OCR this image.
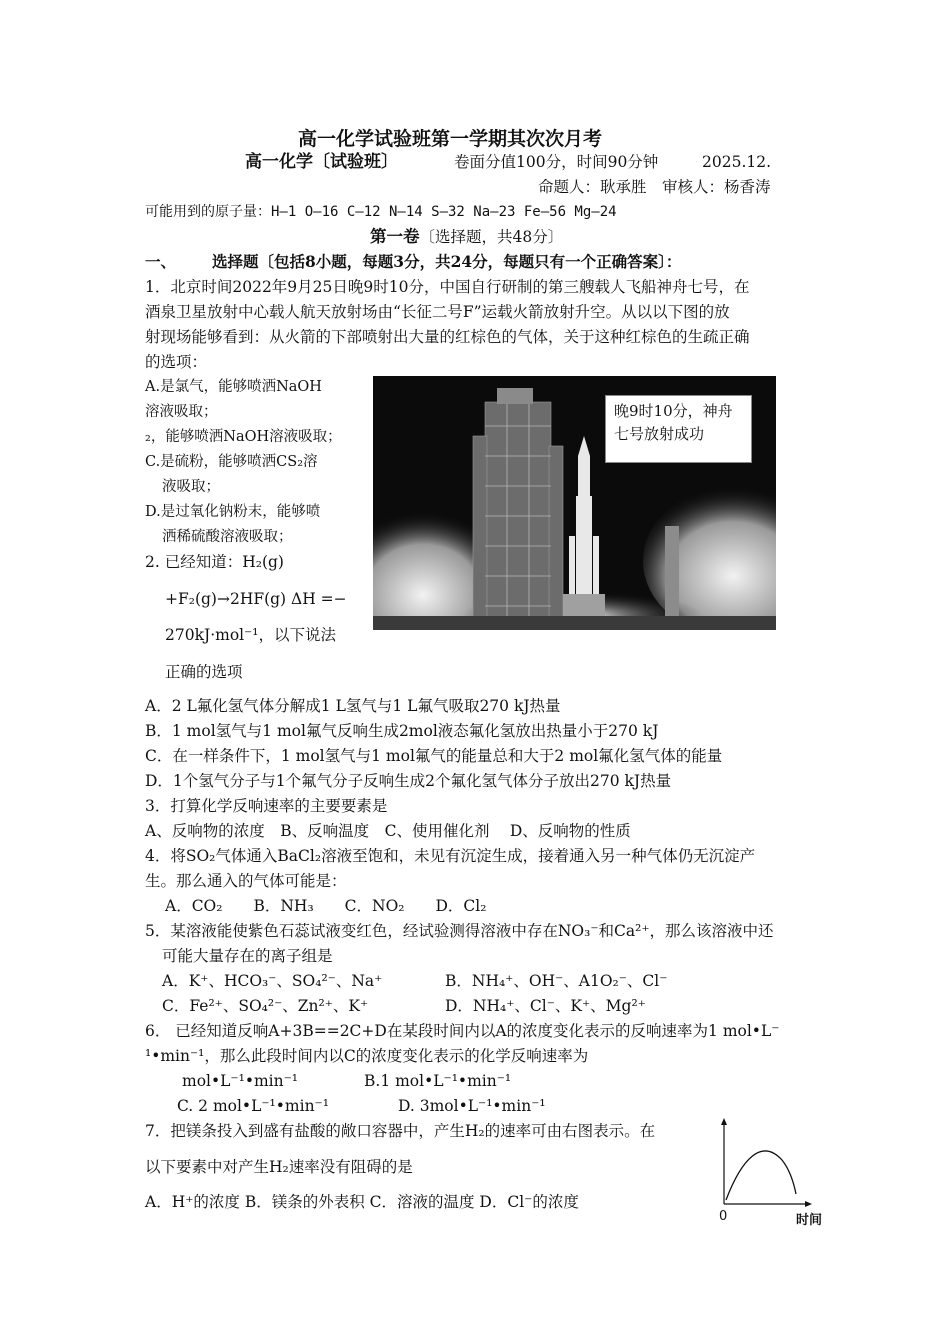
高一化学试验班第一学期其次次月考
高一化学〔试验班〕	卷面分值100分，时间90分钟	2025.12.
命题人：耿承胜　审核人：杨香涛
可能用到的原子量：H—1 O—16 C—12 N—14 S—32 Na—23 Fe—56 Mg—24
第一卷〔选择题，共48分〕
一、 选择题〔包括8小题，每题3分，共24分，每题只有一个正确答案〕：
1．北京时间2022年9月25日晚9时10分，中国自行研制的第三艘载人飞船神舟七号，在
酒泉卫星放射中心载人航天放射场由“长征二号F”运载火箭放射升空。从以以下图的放
射现场能够看到：从火箭的下部喷射出大量的红棕色的气体，关于这种红棕色的生疏正确
的选项：
A.是氯气，能够喷洒NaOH
溶液吸取；
₂，能够喷洒NaOH溶液吸取；
C.是硫粉，能够喷洒CS₂溶
液吸取；
D.是过氧化钠粉末，能够喷
洒稀硫酸溶液吸取；
晚9时10分，神舟七号放射成功
2. 已经知道：H₂(g)
+F₂(g)→2HF(g) ΔH =−
270kJ·mol⁻¹，以下说法
正确的选项
A．2 L氟化氢气体分解成1 L氢气与1 L氟气吸取270 kJ热量
B．1 mol氢气与1 mol氟气反响生成2mol液态氟化氢放出热量小于270 kJ
C．在一样条件下，1 mol氢气与1 mol氟气的能量总和大于2 mol氟化氢气体的能量
D．1个氢气分子与1个氟气分子反响生成2个氟化氢气体分子放出270 kJ热量
3．打算化学反响速率的主要要素是
A、反响物的浓度　B、反响温度　C、使用催化剂　 D、反响物的性质
4．将SO₂气体通入BaCl₂溶液至饱和，未见有沉淀生成，接着通入另一种气体仍无沉淀产
生。那么通入的气体可能是：
A．CO₂　　B．NH₃　　C．NO₂　　D．Cl₂
5．某溶液能使紫色石蕊试液变红色，经试验测得溶液中存在NO₃⁻和Ca²⁺，那么该溶液中还
可能大量存在的离子组是
A．K⁺、HCO₃⁻、SO₄²⁻、Na⁺	B．NH₄⁺、OH⁻、A1O₂⁻、Cl⁻
C．Fe²⁺、SO₄²⁻、Zn²⁺、K⁺	D．NH₄⁺、Cl⁻、K⁺、Mg²⁺
6． 已经知道反响A+3B==2C+D在某段时间内以A的浓度变化表示的反响速率为1 mol•L⁻
¹•min⁻¹，那么此段时间内以C的浓度变化表示的化学反响速率为
mol•L⁻¹•min⁻¹	B.1 mol•L⁻¹•min⁻¹
C. 2 mol•L⁻¹•min⁻¹	D. 3mol•L⁻¹•min⁻¹
7．把镁条投入到盛有盐酸的敞口容器中，产生H₂的速率可由右图表示。在
以下要素中对产生H₂速率没有阻碍的是
A．H⁺的浓度 B．镁条的外表积 C．溶液的温度 D．Cl⁻的浓度
0	时间
